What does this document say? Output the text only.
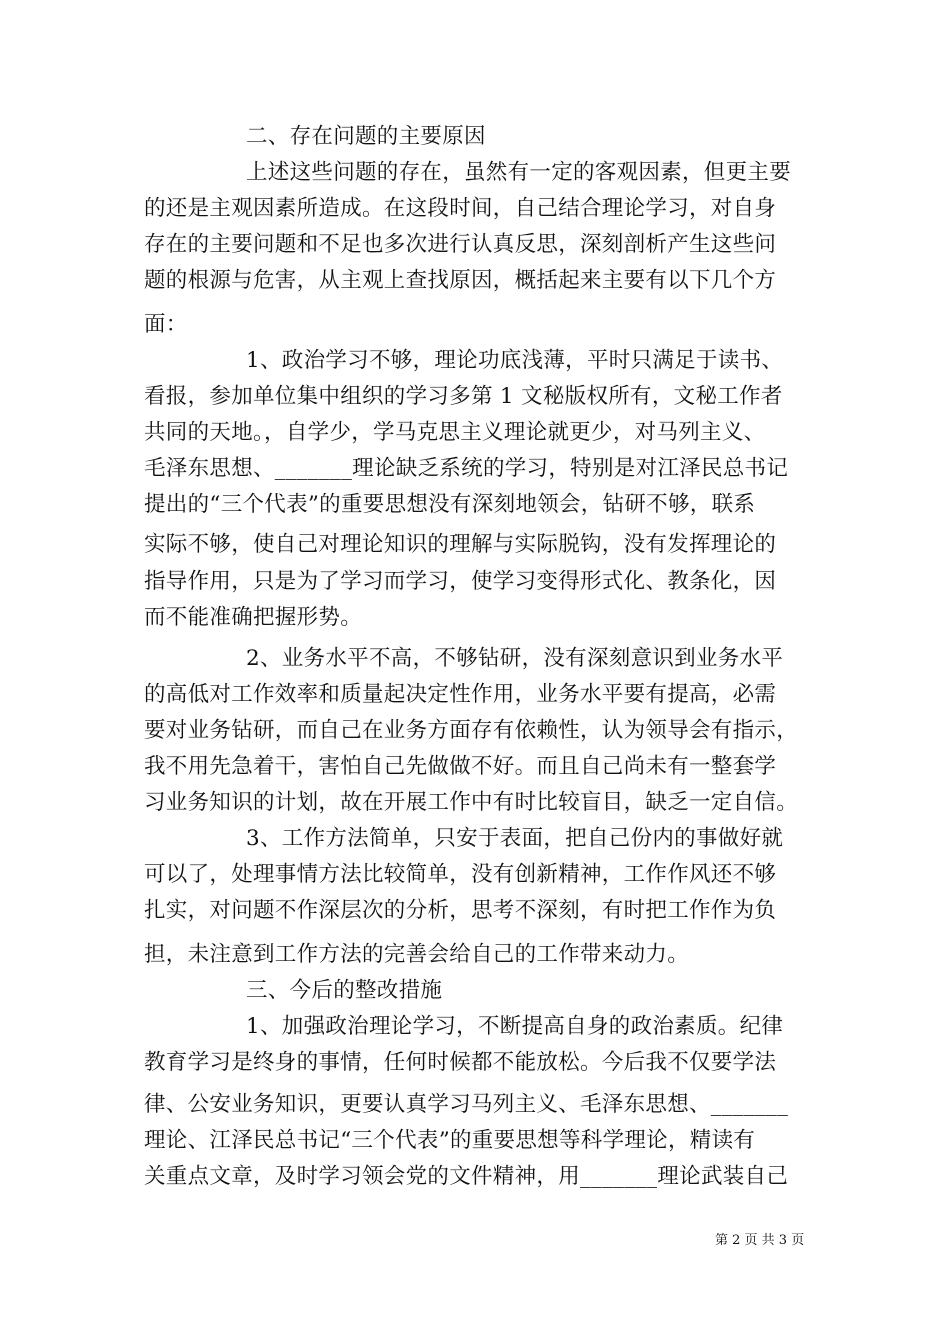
二、存在问题的主要原因
上述这些问题的存在，虽然有一定的客观因素，但更主要
的还是主观因素所造成。在这段时间，自己结合理论学习，对自身
存在的主要问题和不足也多次进行认真反思，深刻剖析产生这些问
题的根源与危害，从主观上查找原因，概括起来主要有以下几个方
面：
1、政治学习不够，理论功底浅薄，平时只满足于读书、
看报，参加单位集中组织的学习多第 1 文秘版权所有，文秘工作者
共同的天地。，自学少，学马克思主义理论就更少，对马列主义、
毛泽东思想、_______理论缺乏系统的学习，特别是对江泽民总书记
提出的“三个代表”的重要思想没有深刻地领会，钻研不够，联系
实际不够，使自己对理论知识的理解与实际脱钩，没有发挥理论的
指导作用，只是为了学习而学习，使学习变得形式化、教条化，因
而不能准确把握形势。
2、业务水平不高，不够钻研，没有深刻意识到业务水平
的高低对工作效率和质量起决定性作用，业务水平要有提高，必需
要对业务钻研，而自己在业务方面存有依赖性，认为领导会有指示，
我不用先急着干，害怕自己先做做不好。而且自己尚未有一整套学
习业务知识的计划，故在开展工作中有时比较盲目，缺乏一定自信。
3、工作方法简单，只安于表面，把自己份内的事做好就
可以了，处理事情方法比较简单，没有创新精神，工作作风还不够
扎实，对问题不作深层次的分析，思考不深刻，有时把工作作为负
担，未注意到工作方法的完善会给自己的工作带来动力。
三、今后的整改措施
1、加强政治理论学习，不断提高自身的政治素质。纪律
教育学习是终身的事情，任何时候都不能放松。今后我不仅要学法
律、公安业务知识，更要认真学习马列主义、毛泽东思想、_______
理论、江泽民总书记“三个代表”的重要思想等科学理论，精读有
关重点文章，及时学习领会党的文件精神，用_______理论武装自己
第 2 页 共 3 页
